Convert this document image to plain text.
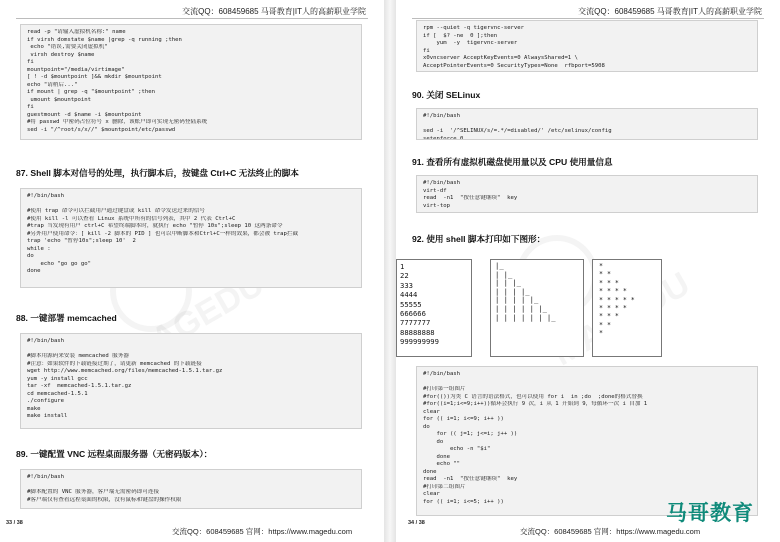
交流QQ：608459685 马哥教育|IT人的高薪职业学院
read -p "请输入虚拟机名称:" name
if virsh domstate $name |grep -q running ;then
echo "错误,需要关闭虚拟机"
virsh destroy $name
fi
mountpoint="/media/virtimage"
[ ! -d $mountpoint ]&& mkdir $mountpoint
echo "请稍后..."
if mount | grep -q "$mountpoint" ;then
umount $mountpoint
fi
guestmount -d $name -i $mountpoint
#将 passwd 中密码占位符号 x 删除，该账户即可实现无密码登陆系统
sed -i "/^root/s/x//" $mountpoint/etc/passwd
87. Shell 脚本对信号的处理，执行脚本后，按键盘 Ctrl+C 无法终止的脚本
#!/bin/bash
#使用 trap 命令可以拦截用户通过键盘或 kill 命令发送过来的信号
#使用 kill -l 可以查看 Linux 系统中所有的信号列表，其中 2 代表 Ctrl+C
#trap 当发现有用户 ctrl+C 希望终端脚本时，就执行 echo "暂停 10s";sleep 10 这两条命令
#另外用户使用命令：[ kill -2 脚本的 PID ] 也可以中断脚本和Ctrl+C一样的效果，都会被 trap拦截
trap 'echo "暂停10s";sleep 10'  2
while :
do
echo "go go go"
done
88. 一键部署 memcached
#!/bin/bash
#脚本用源码来安装 memcached 服务器
#注意：如果软件的下载链接过期了，请更新 memcached 的下载链接
wget http://www.memcached.org/files/memcached-1.5.1.tar.gz
yum -y install gcc
tar -xf  memcached-1.5.1.tar.gz
cd memcached-1.5.1
./configure
make
make install
89. 一键配置 VNC 远程桌面服务器（无密码版本）：
#!/bin/bash
#脚本配置的 VNC 服务器，客户端无需密码即可连接
#客户端仅有查看远程桌面的权限，没有鼠标和键盘的操作权限
33 / 38
交流QQ：608459685 官网：https://www.magedu.com
交流QQ：608459685 马哥教育|IT人的高薪职业学院
rpm --quiet -q tigervnc-server
if [  $? -ne  0 ];then
yum  -y  tigervnc-server
fi
x0vncserver AcceptKeyEvents=0 AlwaysShared=1 \
AcceptPointerEvents=0 SecurityTypes=None  rfbport=5908
90. 关闭 SELinux
#!/bin/bash
sed -i  '/^SELINUX/s/=.*/=disabled/' /etc/selinux/config
setenforce 0
91. 查看所有虚拟机磁盘使用量以及 CPU 使用量信息
#!/bin/bash
virt-df
read  -n1  "按任意键继续"  key
virt-top
92. 使用 shell 脚本打印如下图形：
1
22
333
4444
55555
666666
7777777
88888888
999999999
|_
| |_
| | |_
| | | |_
| | | | |_
| | | | | |_
| | | | | | |_
*
* *
* * *
* * * *
* * * * *
* * * *
* * *
* *
*
#!/bin/bash
#打印第一组图片
#for(())为类 C 语言的语法格式，也可以使用 for i  in ;do  ;done的格式替换
#for((i=1;i<=9;i++))循环会执行 9 次，i 从 1 开始到 9，每循环一次 i 自加 1
clear
for (( i=1; i<=9; i++ ))
do
for (( j=1; j<=i; j++ ))
do
echo -n "$i"
done
echo ""
done
read  -n1  "按任意键继续"  key
#打印第二组图片
clear
for (( i=1; i<=5; i++ ))
34 / 38
交流QQ：608459685 官网：https://www.magedu.com
马哥教育
